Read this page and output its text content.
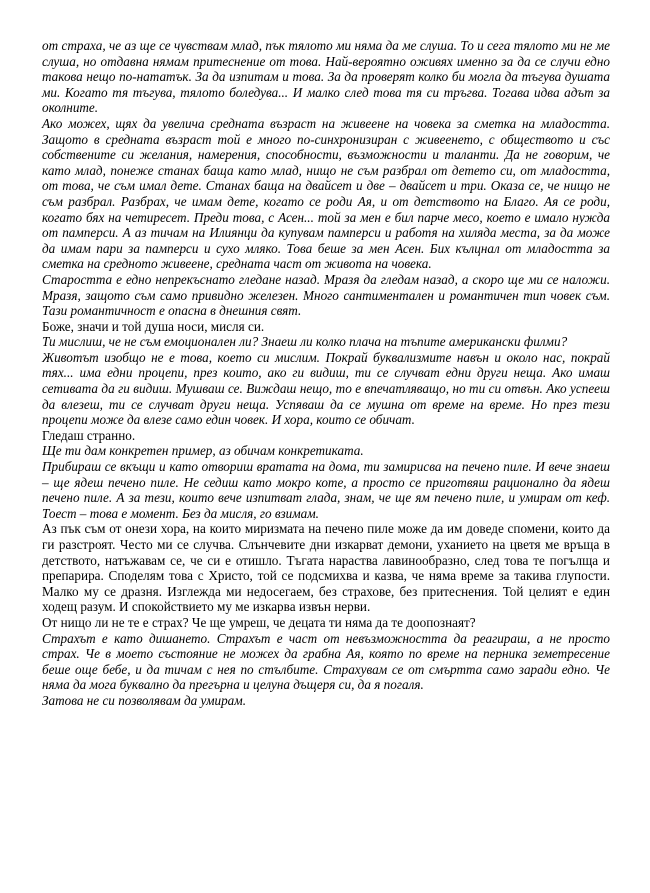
от страха, че аз ще се чувствам млад, пък тялото ми няма да ме слуша. То и сега тялото ми не ме слуша, но отдавна нямам притеснение от това. Най-вероятно оживях именно за да се случи едно такова нещо по-нататък. За да изпитам и това. За да проверят колко би могла да тъгува душата ми. Когато тя тъгува, тялото боледува... И малко след това тя си тръгва. Тогава идва адът за околните.

Ако можех, щях да увелича средната възраст на живеене на човека за сметка на младостта. Защото в средната възраст той е много по-синхронизиран с живеенето, с обществото и със собствените си желания, намерения, способности, възможности и таланти. Да не говорим, че като млад, понеже станах баща като млад, нищо не съм разбрал от детето си, от младостта, от това, че съм имал дете. Станах баща на двайсет и две – двайсет и три. Оказа се, че нищо не съм разбрал. Разбрах, че имам дете, когато се роди Ая, и от детството на Благо. Ая се роди, когато бях на четиресет. Преди това, с Асен... той за мен е бил парче месо, което е имало нужда от памперси. А аз тичам на Илиянци да купувам памперси и работя на хиляда места, за да може да имам пари за памперси и сухо мляко. Това беше за мен Асен. Бих кълцнал от младостта за сметка на средното живеене, средната част от живота на човека.

Старостта е едно непрекъснато гледане назад. Мразя да гледам назад, а скоро ще ми се наложи. Мразя, защото съм само привидно железен. Много сантиментален и романтичен тип човек съм. Тази романтичност е опасна в днешния свят.

Боже, значи и той душа носи, мисля си.

Ти мислиш, че не съм емоционален ли? Знаеш ли колко плача на тъпите американски филми?

Животът изобщо не е това, което си мислим. Покрай буквализмите навън и около нас, покрай тях... има едни процепи, през които, ако ги видиш, ти се случват едни други неща. Ако имаш сетивата да ги видиш. Мушваш се. Виждаш нещо, то е впечатляващо, но ти си отвън. Ако успееш да влезеш, ти се случват други неща. Успяваш да се мушна от време на време. Но през тези процепи може да влезе само един човек. И хора, които се обичат.

Гледаш странно.

Ще ти дам конкретен пример, аз обичам конкретиката.

Прибираш се вкъщи и като отвориш вратата на дома, ти замирисва на печено пиле. И вече знаеш – ще ядеш печено пиле. Не седиш като мокро коте, а просто се приготвяш рационално да ядеш печено пиле. А за тези, които вече изпитват глада, знам, че ще ям печено пиле, и умирам от кеф. Тоест – това е момент. Без да мисля, го взимам.

Аз пък съм от онези хора, на които миризмата на печено пиле може да им доведе спомени, които да ги разстроят. Често ми се случва. Слънчевите дни изкарват демони, уханието на цветя ме връща в детството, натъжавам се, че си е отишло. Тъгата нараства лавинообразно, след това те погълща и препарира. Споделям това с Христо, той се подсмихва и казва, че няма време за такива глупости. Малко му се дразня. Изглежда ми недосегаем, без страхове, без притеснения. Той целият е един ходещ разум. И спокойствието му ме изкарва извън нерви.

От нищо ли не те е страх? Че ще умреш, че децата ти няма да те доопознаят?

Страхът е като дишането. Страхът е част от невъзможността да реагираш, а не просто страх. Че в моето състояние не можех да грабна Ая, която по време на перника земетресение беше още бебе, и да тичам с нея по стълбите. Страхувам се от смъртта само заради едно. Че няма да мога буквално да прегърна и целуна дъщеря си, да я погаля.

Затова не си позволявам да умирам.
